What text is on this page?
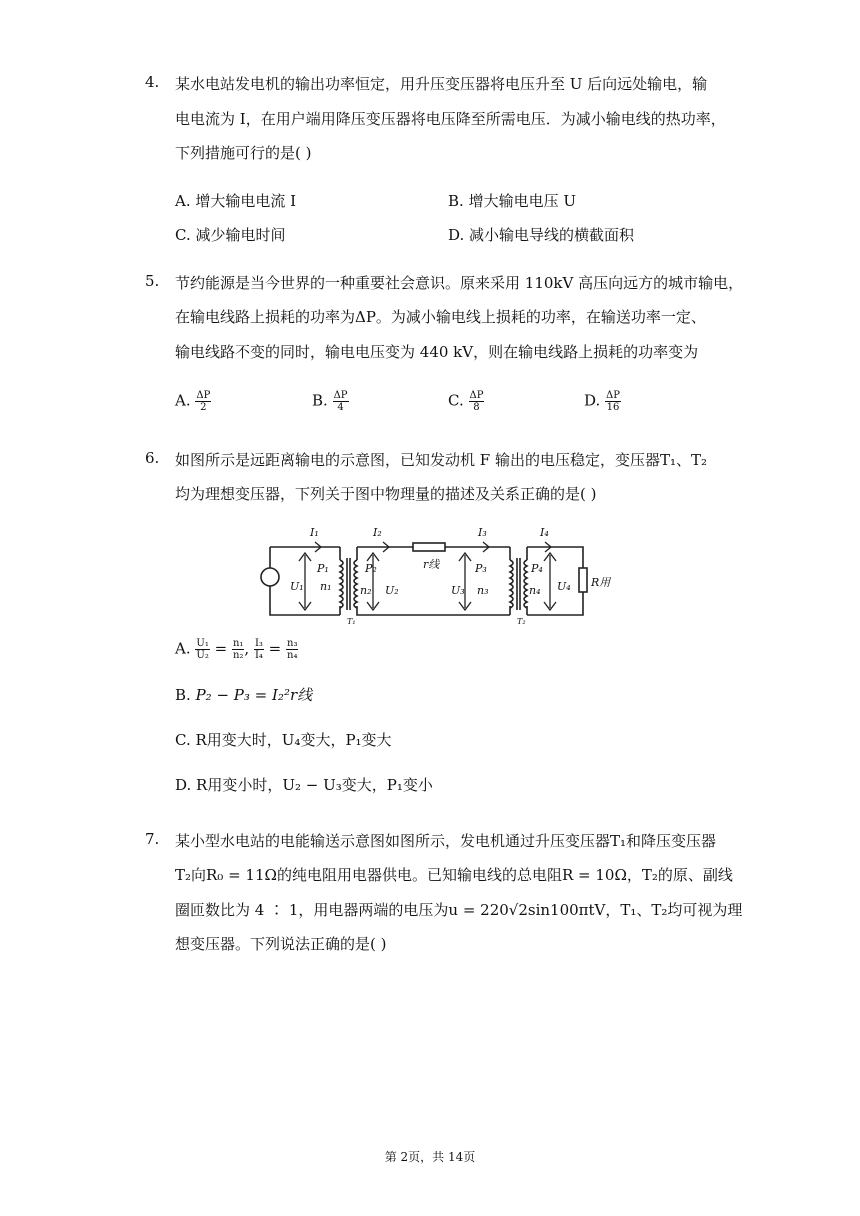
4. 某水电站发电机的输出功率恒定，用升压变压器将电压升至 U 后向远处输电，输
电电流为 I，在用户端用降压变压器将电压降至所需电压．为减小输电线的热功率，
下列措施可行的是( )
A. 增大输电电流 I	B. 增大输电电压 U
C. 减少输电时间	D. 减小输电导线的横截面积
5. 节约能源是当今世界的一种重要社会意识。原来采用 110kV 高压向远方的城市输电，
在输电线路上损耗的功率为ΔP。为减小输电线上损耗的功率，在输送功率一定、
输电线路不变的同时，输电电压变为 440 kV，则在输电线路上损耗的功率变为
A. $\frac{\Delta P}{2}$	B. $\frac{\Delta P}{4}$	C. $\frac{\Delta P}{8}$	D. $\frac{\Delta P}{16}$
6. 如图所示是远距离输电的示意图，已知发动机 F 输出的电压稳定，变压器T₁、T₂
均为理想变压器，下列关于图中物理量的描述及关系正确的是( )
I₁	I₂	I₃	I₄
P₁	P₂	P₃	P₄
U₁	U₂	U₃	U₄
n₁	n₂	n₃	n₄
r线
R用
T₁	T₂
A. $\frac{\text{U₁}}{\text{U₂}} = \frac{\text{n₁}}{\text{n₂}}$ , $\frac{\text{I₃}}{\text{I₄}} = \frac{\text{n₃}}{\text{n₄}}$
B. P₂ − P₃ = I₂²r线
C. R用变大时，U₄变大，P₁变大
D. R用变小时，U₂ − U₃变大，P₁变小
7. 某小型水电站的电能输送示意图如图所示，发电机通过升压变压器T₁和降压变压器
T₂向R₀ = 11Ω的纯电阻用电器供电。已知输电线的总电阻R = 10Ω，T₂的原、副线
圈匝数比为 4 ∶ 1，用电器两端的电压为u = 220√2sin100πtV，T₁、T₂均可视为理
想变压器。下列说法正确的是( )
第 2页，共 14页
